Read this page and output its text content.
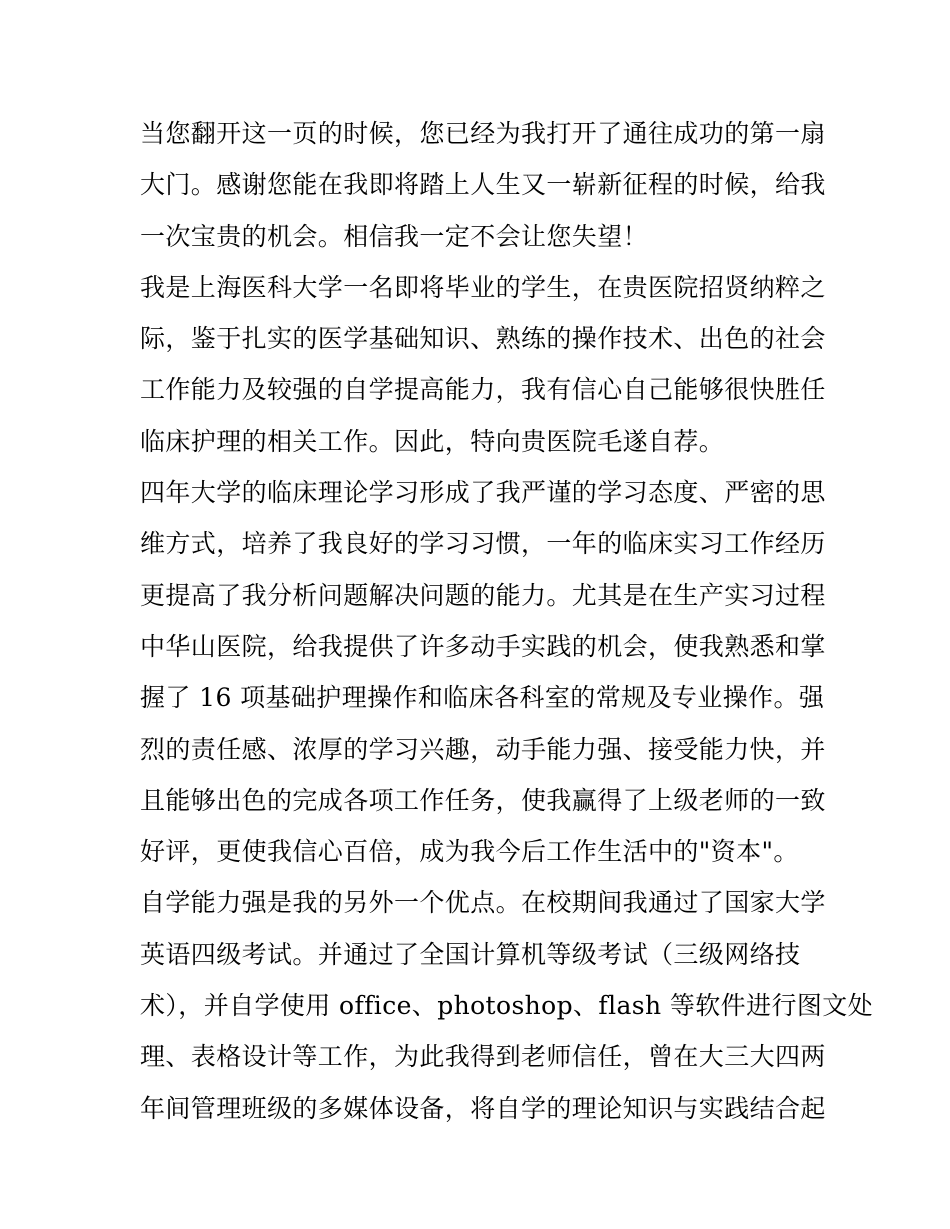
当您翻开这一页的时候，您已经为我打开了通往成功的第一扇
大门。感谢您能在我即将踏上人生又一崭新征程的时候，给我
一次宝贵的机会。相信我一定不会让您失望！
我是上海医科大学一名即将毕业的学生，在贵医院招贤纳粹之
际，鉴于扎实的医学基础知识、熟练的操作技术、出色的社会
工作能力及较强的自学提高能力，我有信心自己能够很快胜任
临床护理的相关工作。因此，特向贵医院毛遂自荐。
四年大学的临床理论学习形成了我严谨的学习态度、严密的思
维方式，培养了我良好的学习习惯，一年的临床实习工作经历
更提高了我分析问题解决问题的能力。尤其是在生产实习过程
中华山医院，给我提供了许多动手实践的机会，使我熟悉和掌
握了 16 项基础护理操作和临床各科室的常规及专业操作。强
烈的责任感、浓厚的学习兴趣，动手能力强、接受能力快，并
且能够出色的完成各项工作任务，使我赢得了上级老师的一致
好评，更使我信心百倍，成为我今后工作生活中的"资本"。
自学能力强是我的另外一个优点。在校期间我通过了国家大学
英语四级考试。并通过了全国计算机等级考试（三级网络技
术），并自学使用 office、photoshop、flash 等软件进行图文处
理、表格设计等工作，为此我得到老师信任，曾在大三大四两
年间管理班级的多媒体设备，将自学的理论知识与实践结合起
